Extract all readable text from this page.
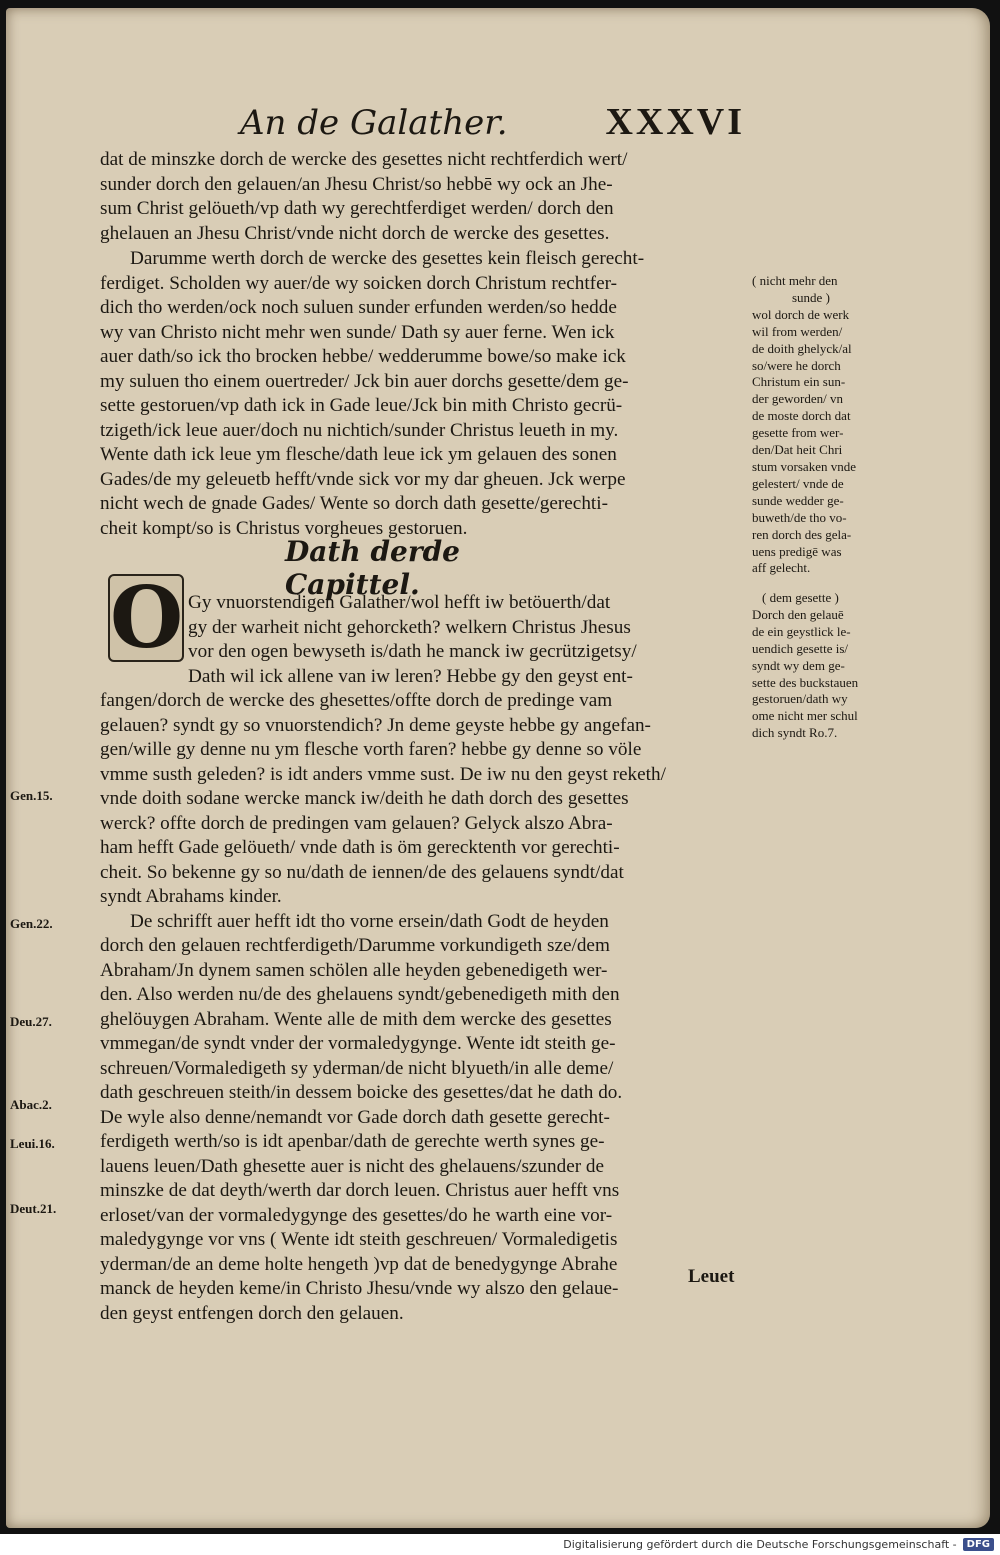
An de Galather.	XXXVI

dat de minszke dorch de wercke des gesettes nicht rechtferdich wert/

sunder dorch den gelauen/an Jhesu Christ/so hebbē wy ock an Jhe-

sum Christ gelöueth/vp dath wy gerechtferdiget werden/ dorch den

ghelauen an Jhesu Christ/vnde nicht dorch de wercke des gesettes.

Darumme werth dorch de wercke des gesettes kein fleisch gerecht-

ferdiget. Scholden wy auer/de wy soicken dorch Christum rechtfer-

dich tho werden/ock noch suluen sunder erfunden werden/so hedde

wy van Christo nicht mehr wen sunde/ Dath sy auer ferne. Wen ick

auer dath/so ick tho brocken hebbe/ wedderumme bowe/so make ick

my suluen tho einem ouertreder/ Jck bin auer dorchs gesette/dem ge-

sette gestoruen/vp dath ick in Gade leue/Jck bin mith Christo gecrü-

tzigeth/ick leue auer/doch nu nichtich/sunder Christus leueth in my.

Wente dath ick leue ym flesche/dath leue ick ym gelauen des sonen

Gades/de my geleuetb hefft/vnde sick vor my dar gheuen. Jck werpe

nicht wech de gnade Gades/ Wente so dorch dath gesette/gerechti-

cheit kompt/so is Christus vorgheues gestoruen.

( nicht mehr den

sunde )

wol dorch de werk

wil from werden/

de doith ghelyck/al

so/were he dorch

Christum ein sun-

der geworden/ vn

de moste dorch dat

gesette from wer-

den/Dat heit Chri

stum vorsaken vnde

gelestert/ vnde de

sunde wedder ge-

buweth/de tho vo-

ren dorch des gela-

uens predigē was

aff gelecht.

Dath derde Capittel.
O	( dem gesette )

Dorch den gelauē

de ein geystlick le-

uendich gesette is/

syndt wy dem ge-

sette des buckstauen

gestoruen/dath wy

ome nicht mer schul

dich syndt Ro.7.

Gy vnuorstendigen Galather/wol hefft iw betöuerth/dat

gy der warheit nicht gehorcketh? welkern Christus Jhesus

vor den ogen bewyseth is/dath he manck iw gecrützigetsy/

Dath wil ick allene van iw leren? Hebbe gy den geyst ent-

fangen/dorch de wercke des ghesettes/offte dorch de predinge vam

gelauen? syndt gy so vnuorstendich? Jn deme geyste hebbe gy angefan-

gen/wille gy denne nu ym flesche vorth faren? hebbe gy denne so völe

vmme susth geleden? is idt anders vmme sust. De iw nu den geyst reketh/

vnde doith sodane wercke manck iw/deith he dath dorch des gesettes

werck? offte dorch de predingen vam gelauen? Gelyck alszo Abra-

ham hefft Gade gelöueth/ vnde dath is öm gerecktenth vor gerechti-

cheit. So bekenne gy so nu/dath de iennen/de des gelauens syndt/dat

syndt Abrahams kinder.

De schrifft auer hefft idt tho vorne ersein/dath Godt de heyden

dorch den gelauen rechtferdigeth/Darumme vorkundigeth sze/dem

Abraham/Jn dynem samen schölen alle heyden gebenedigeth wer-

den. Also werden nu/de des ghelauens syndt/gebenedigeth mith den

ghelöuygen Abraham. Wente alle de mith dem wercke des gesettes

vmmegan/de syndt vnder der vormaledygynge. Wente idt steith ge-

schreuen/Vormaledigeth sy yderman/de nicht blyueth/in alle deme/

dath geschreuen steith/in dessem boicke des gesettes/dat he dath do.

De wyle also denne/nemandt vor Gade dorch dath gesette gerecht-

ferdigeth werth/so is idt apenbar/dath de gerechte werth synes ge-

lauens leuen/Dath ghesette auer is nicht des ghelauens/szunder de

minszke de dat deyth/werth dar dorch leuen. Christus auer hefft vns

erloset/van der vormaledygynge des gesettes/do he warth eine vor-

maledygynge vor vns ( Wente idt steith geschreuen/ Vormaledigetis

yderman/de an deme holte hengeth )vp dat de benedygynge Abrahe

manck de heyden keme/in Christo Jhesu/vnde wy alszo den gelaue-

den geyst entfengen dorch den gelauen.

Gen.15.
Gen.22.
Deu.27.
Abac.2.
Leui.16.
Deut.21.
Leuet
Digitalisierung gefördert durch die Deutsche Forschungsgemeinschaft -	DFG
